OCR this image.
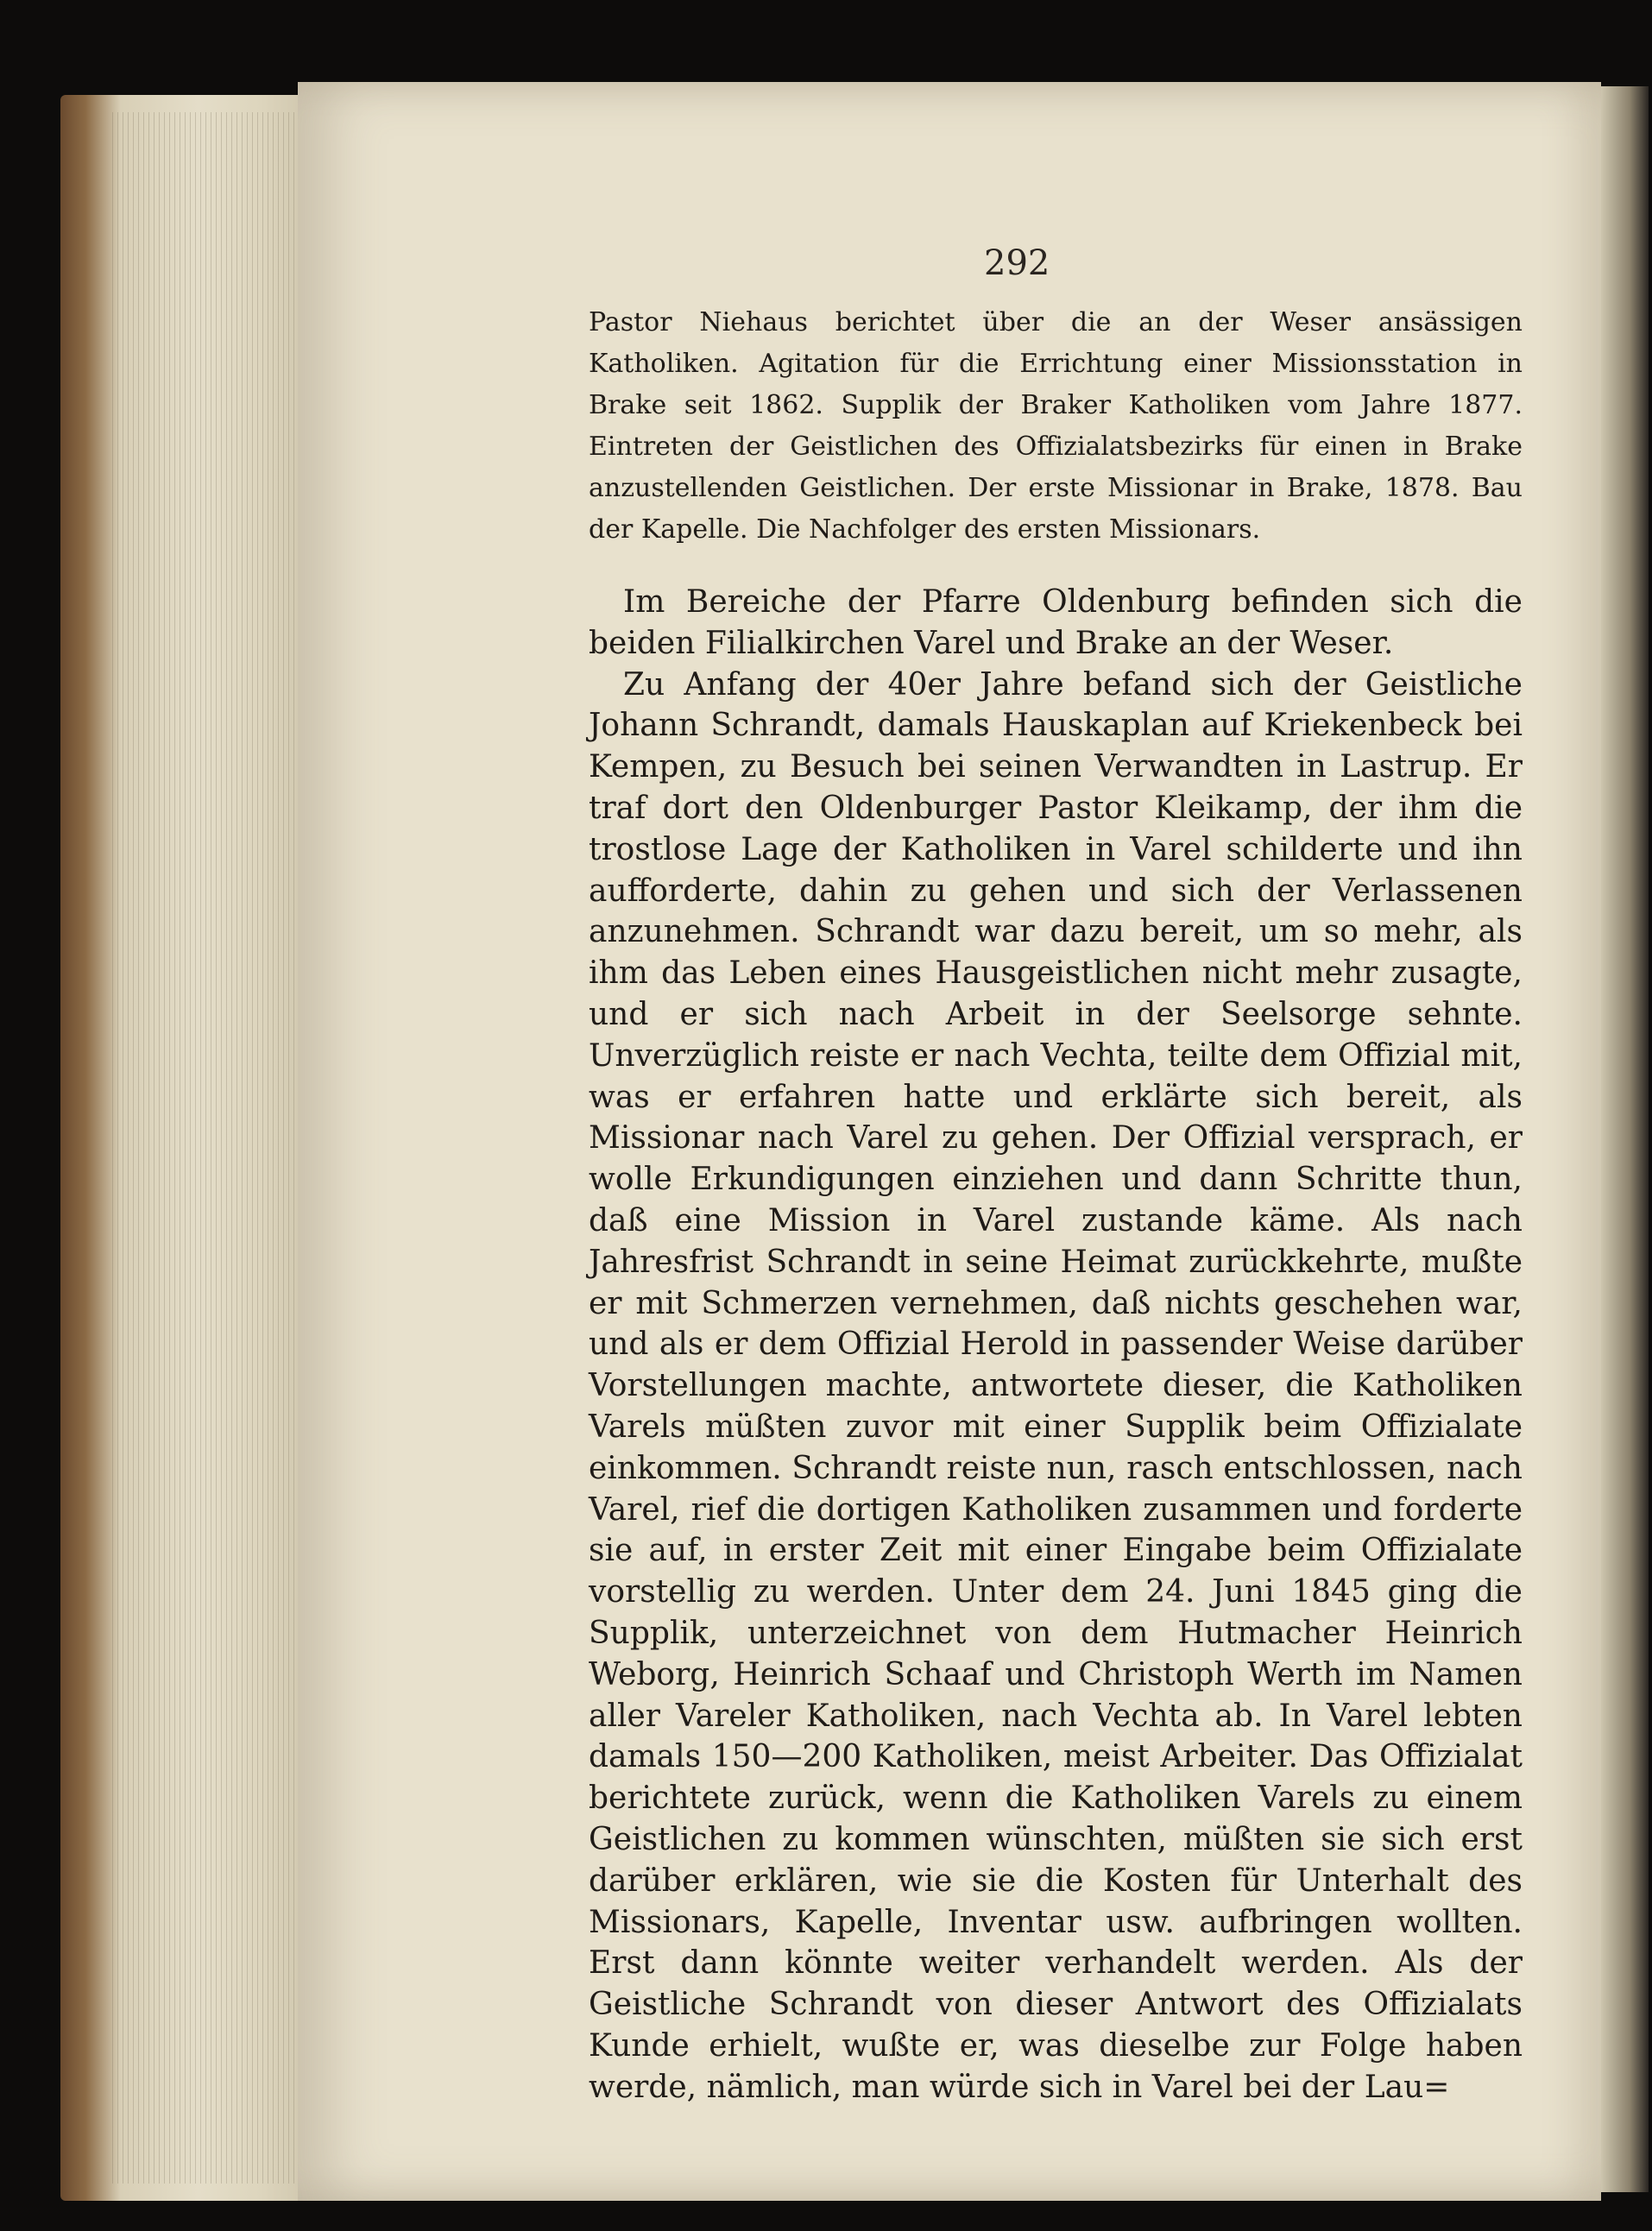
292
Pastor Niehaus berichtet über die an der Weser ansässigen Katholiken. Agitation für die Errichtung einer Missionsstation in Brake seit 1862. Supplik der Braker Katholiken vom Jahre 1877. Eintreten der Geistlichen des Offizialatsbezirks für einen in Brake anzustellenden Geistlichen. Der erste Missionar in Brake, 1878. Bau der Kapelle. Die Nachfolger des ersten Missionars.

Im Bereiche der Pfarre Oldenburg befinden sich die beiden Filialkirchen Varel und Brake an der Weser.

Zu Anfang der 40er Jahre befand sich der Geistliche Johann Schrandt, damals Hauskaplan auf Kriekenbeck bei Kempen, zu Besuch bei seinen Verwandten in Lastrup. Er traf dort den Oldenburger Pastor Kleikamp, der ihm die trostlose Lage der Katholiken in Varel schilderte und ihn aufforderte, dahin zu gehen und sich der Verlassenen anzunehmen. Schrandt war dazu bereit, um so mehr, als ihm das Leben eines Hausgeistlichen nicht mehr zusagte, und er sich nach Arbeit in der Seelsorge sehnte. Unverzüglich reiste er nach Vechta, teilte dem Offizial mit, was er erfahren hatte und erklärte sich bereit, als Missionar nach Varel zu gehen. Der Offizial versprach, er wolle Erkundigungen einziehen und dann Schritte thun, daß eine Mission in Varel zustande käme. Als nach Jahresfrist Schrandt in seine Heimat zurückkehrte, mußte er mit Schmerzen vernehmen, daß nichts geschehen war, und als er dem Offizial Herold in passender Weise darüber Vorstellungen machte, antwortete dieser, die Katholiken Varels müßten zuvor mit einer Supplik beim Offizialate einkommen. Schrandt reiste nun, rasch entschlossen, nach Varel, rief die dortigen Katholiken zusammen und forderte sie auf, in erster Zeit mit einer Eingabe beim Offizialate vorstellig zu werden. Unter dem 24. Juni 1845 ging die Supplik, unterzeichnet von dem Hutmacher Heinrich Weborg, Heinrich Schaaf und Christoph Werth im Namen aller Vareler Katholiken, nach Vechta ab. In Varel lebten damals 150—200 Katholiken, meist Arbeiter. Das Offizialat berichtete zurück, wenn die Katholiken Varels zu einem Geistlichen zu kommen wünschten, müßten sie sich erst darüber erklären, wie sie die Kosten für Unterhalt des Missionars, Kapelle, Inventar usw. aufbringen wollten. Erst dann könnte weiter verhandelt werden. Als der Geistliche Schrandt von dieser Antwort des Offizialats Kunde erhielt, wußte er, was dieselbe zur Folge haben werde, nämlich, man würde sich in Varel bei der Lau=
